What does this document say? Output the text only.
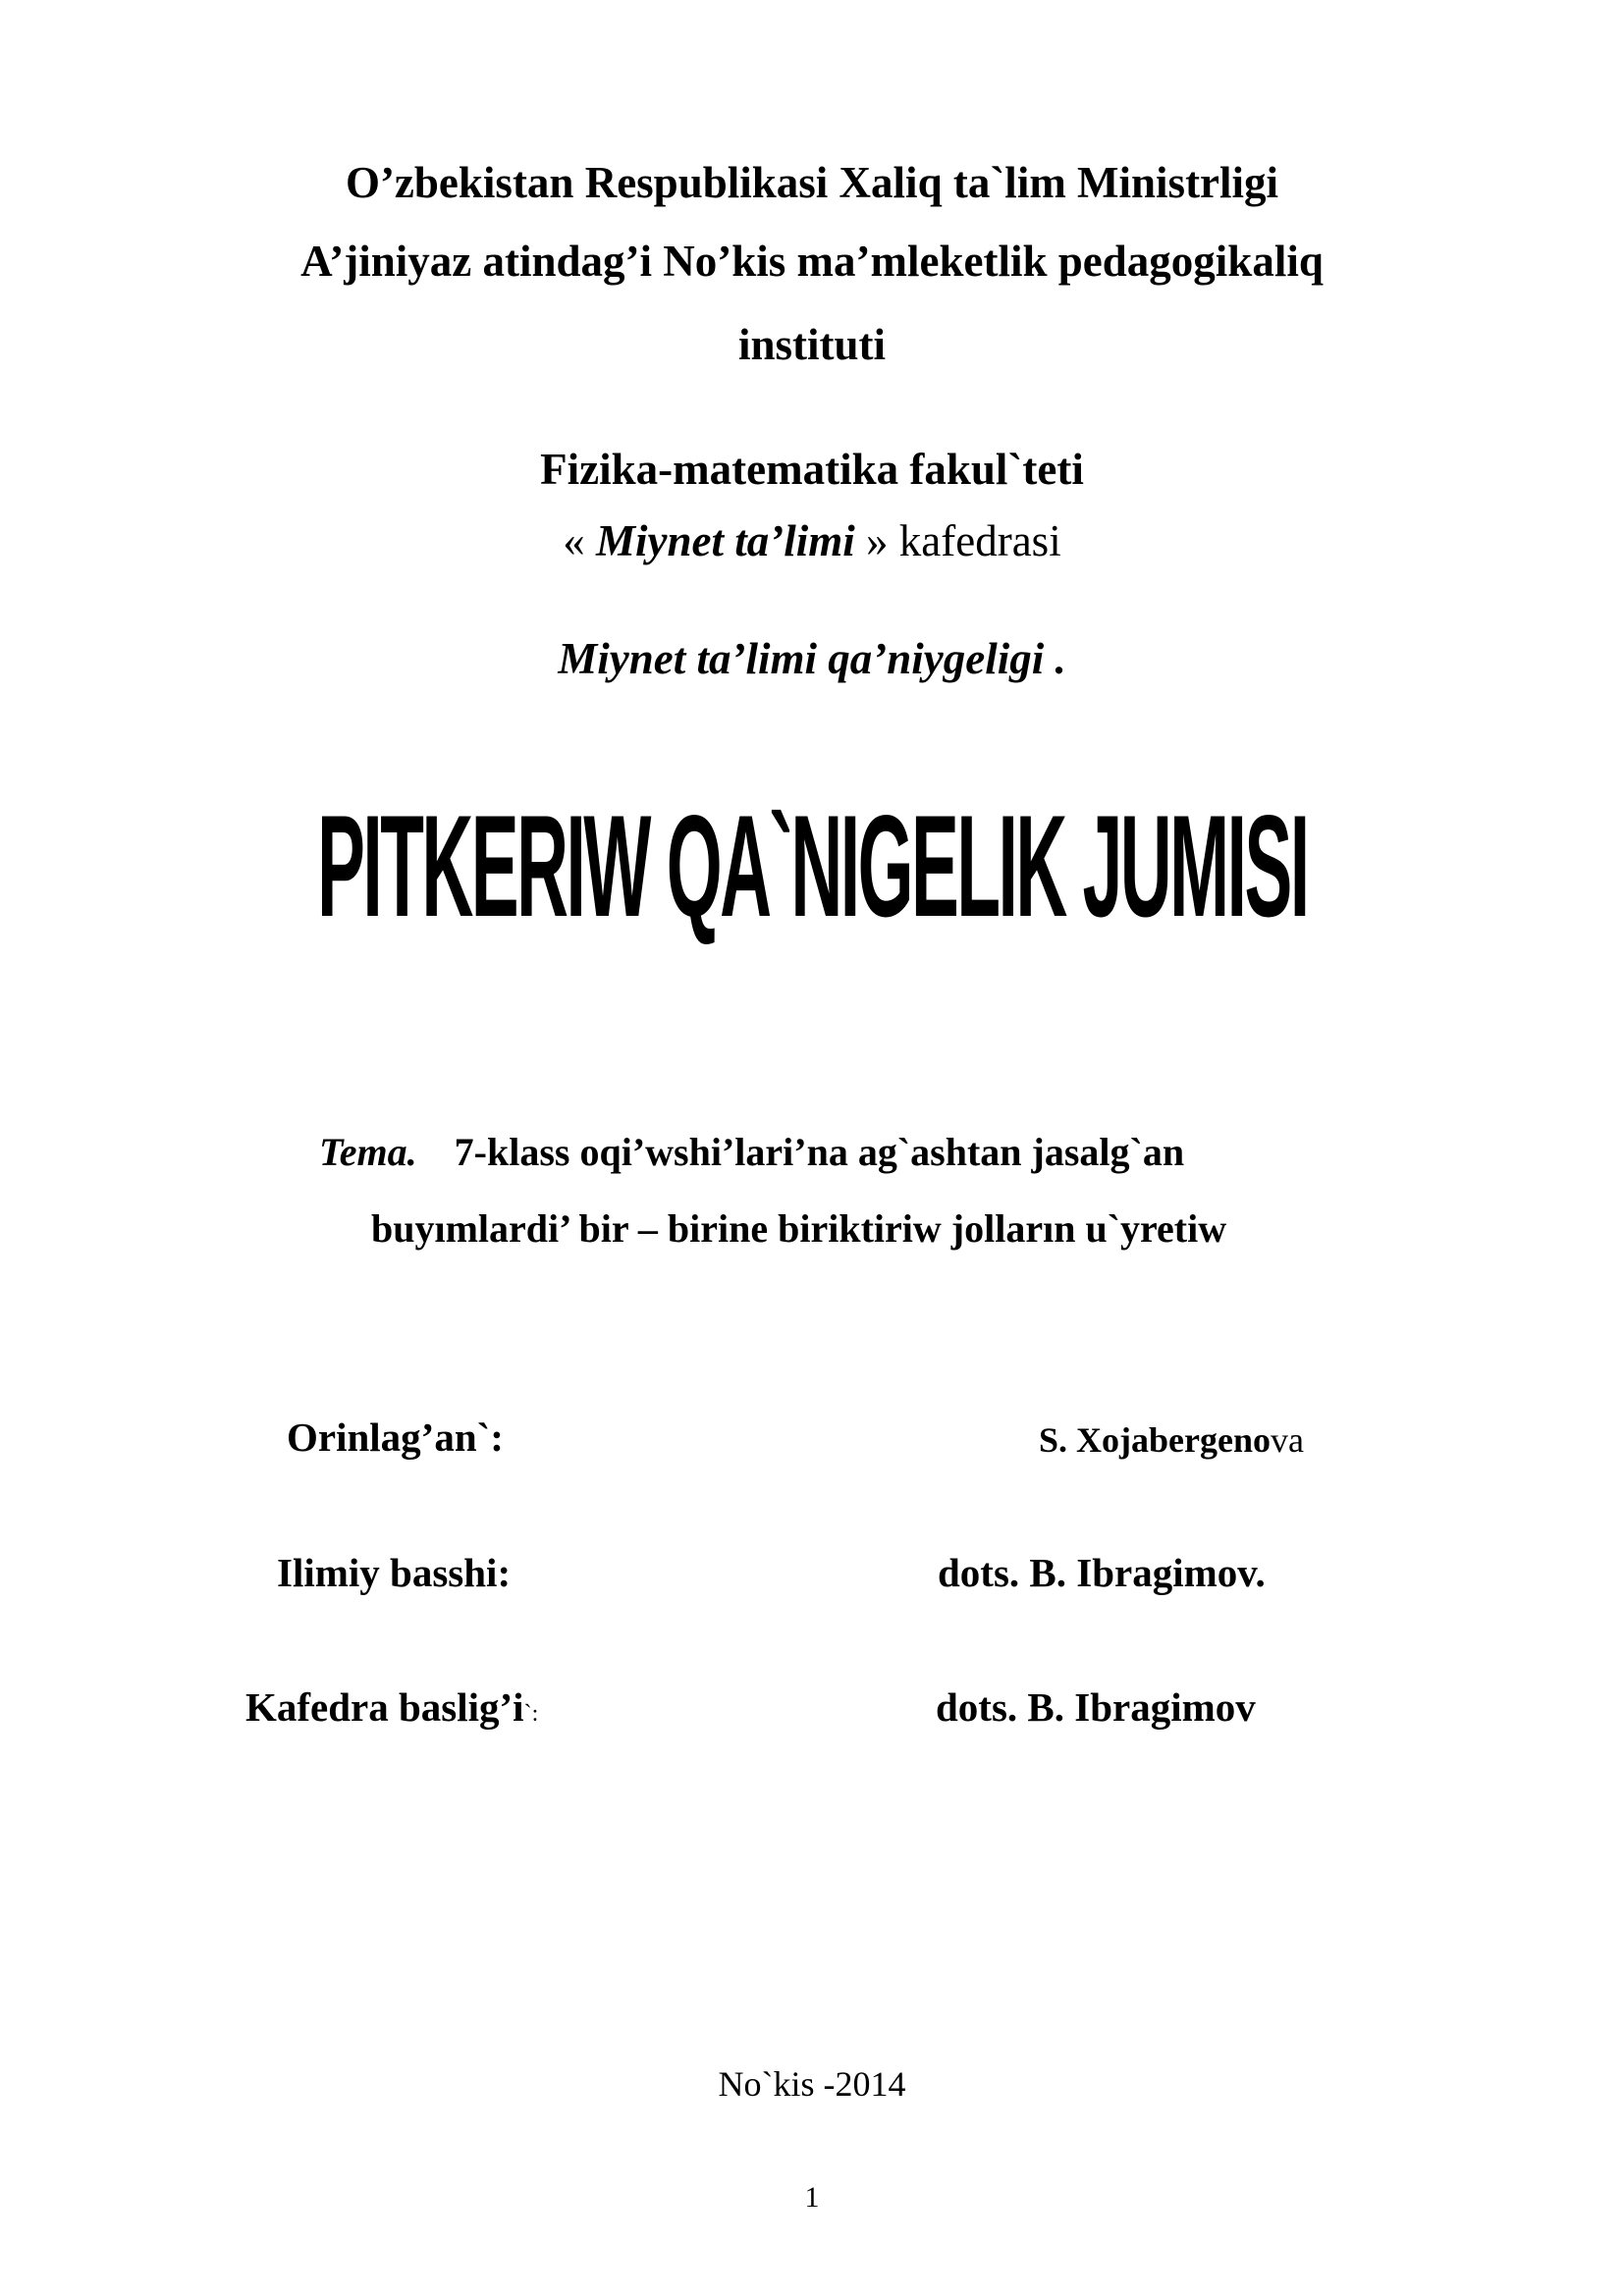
O’zbekistan Respublikasi Xaliq ta`lim Ministrligi
A’jiniyaz atindag’i No’kis ma’mleketlik pedagogikaliq
instituti
Fizika-matematika fakul`teti
« Miynet ta’limi » kafedrasi
Miynet ta’limi qa’niygeligi .
PITKERIW QA`NIGELIK JUMISI
Tema. 7-klass oqi’wshi’lari’na ag`ashtan jasalg`an
buyımlardi’ bir – birine biriktiriw jolların u`yretiw
Orinlag’an`:	S. Xojabergenova
Ilimiy basshi:	dots. B. Ibragimov.
Kafedra baslig’i`:	dots. B. Ibragimov
No`kis -2014
1
